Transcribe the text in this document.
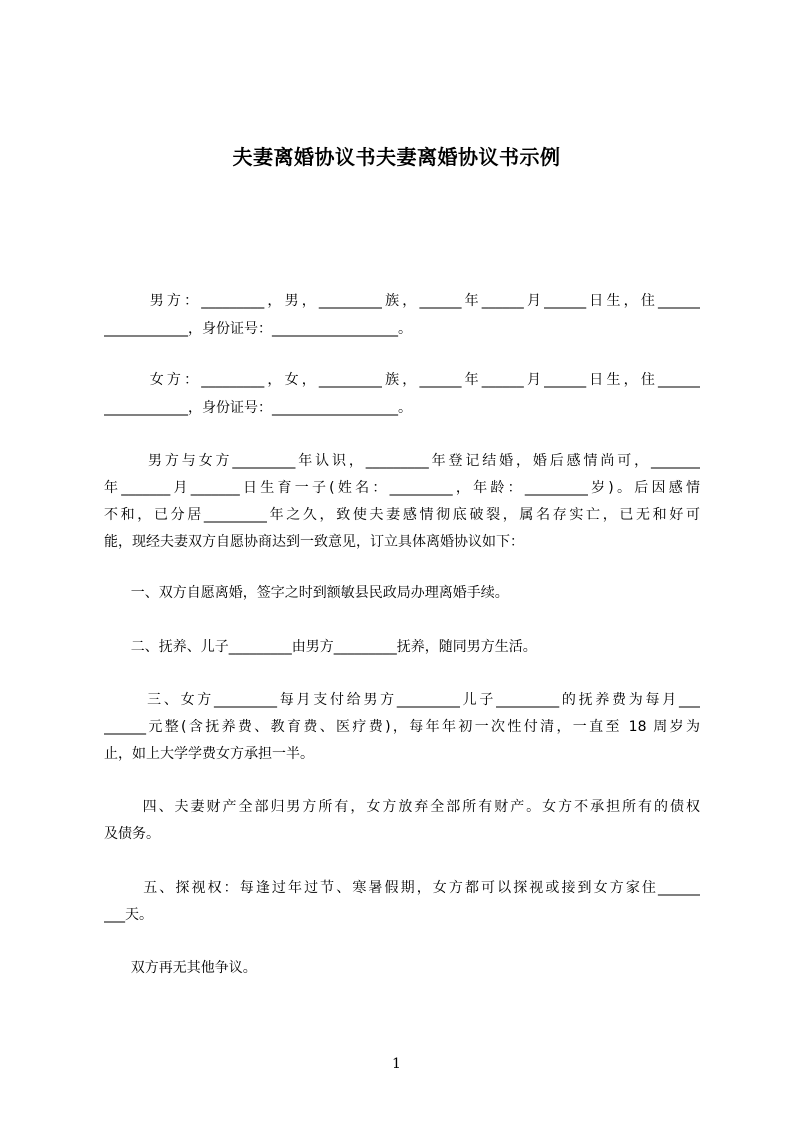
夫妻离婚协议书夫妻离婚协议书示例
男方：_________，男，_________族，______年______月______日生，住______
____________，身份证号：__________________。
女方：_________，女，_________族，______年______月______日生，住______
____________，身份证号：__________________。
男方与女方_________年认识，_________年登记结婚，婚后感情尚可，_______
年_______月_______日生育一子(姓名：_________，年龄：_________岁)。后因感情
不和，已分居_________年之久，致使夫妻感情彻底破裂，属名存实亡，已无和好可
能，现经夫妻双方自愿协商达到一致意见，订立具体离婚协议如下：
一、双方自愿离婚，签字之时到额敏县民政局办理离婚手续。
二、抚养、儿子_________由男方_________抚养，随同男方生活。
三、女方_________每月支付给男方_________儿子_________的抚养费为每月___
______元整(含抚养费、教育费、医疗费)，每年年初一次性付清，一直至 18 周岁为
止，如上大学学费女方承担一半。
四、夫妻财产全部归男方所有，女方放弃全部所有财产。女方不承担所有的债权
及债务。
五、探视权：每逢过年过节、寒暑假期，女方都可以探视或接到女方家住______
___天。
双方再无其他争议。
1
